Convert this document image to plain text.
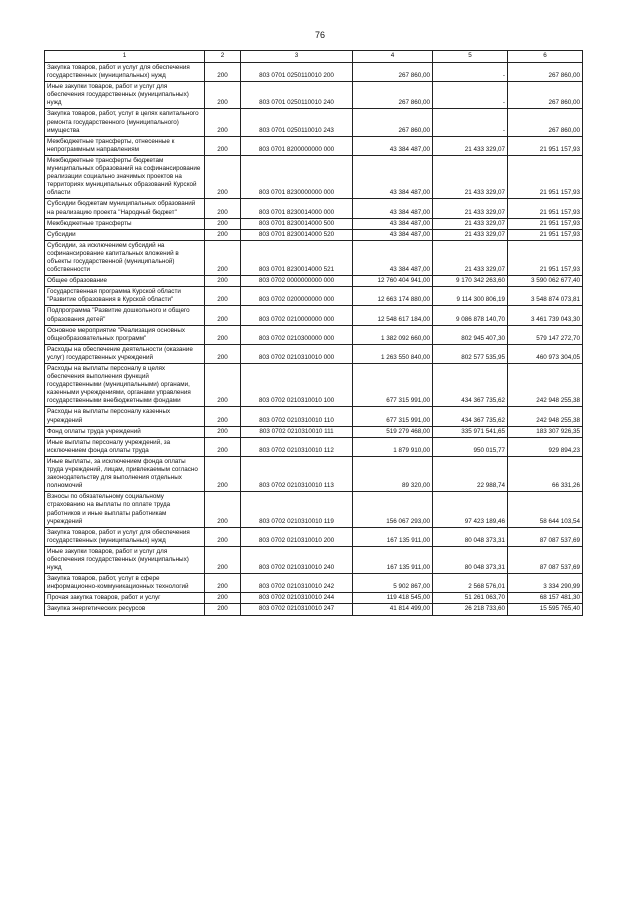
76
1	2	3	4	5	6
Закупка товаров, работ и услуг для обеспечения государственных (муниципальных) нужд	200	803 0701 0250110010 200	267 860,00	-	267 860,00
Иные закупки товаров, работ и услуг для обеспечения государственных (муниципальных) нужд	200	803 0701 0250110010 240	267 860,00	-	267 860,00
Закупка товаров, работ, услуг в целях капитального ремонта государственного (муниципального) имущества	200	803 0701 0250110010 243	267 860,00	-	267 860,00
Межбюджетные трансферты, отнесенные к непрограммным направлениям	200	803 0701 8200000000 000	43 384 487,00	21 433 329,07	21 951 157,93
Межбюджетные трансферты бюджетам муниципальных образований на софинансирование реализации социально значимых проектов на территориях муниципальных образований Курской области	200	803 0701 8230000000 000	43 384 487,00	21 433 329,07	21 951 157,93
Субсидии бюджетам муниципальных образований на реализацию проекта "Народный бюджет"	200	803 0701 8230014000 000	43 384 487,00	21 433 329,07	21 951 157,93
Межбюджетные трансферты	200	803 0701 8230014000 500	43 384 487,00	21 433 329,07	21 951 157,93
Субсидии	200	803 0701 8230014000 520	43 384 487,00	21 433 329,07	21 951 157,93
Субсидии, за исключением субсидий на софинансирование капитальных вложений в объекты государственной (муниципальной) собственности	200	803 0701 8230014000 521	43 384 487,00	21 433 329,07	21 951 157,93
Общее образование	200	803 0702 0000000000 000	12 760 404 941,00	9 170 342 263,60	3 590 062 677,40
Государственная программа Курской области "Развитие образования в Курской области"	200	803 0702 0200000000 000	12 663 174 880,00	9 114 300 806,19	3 548 874 073,81
Подпрограмма "Развитие дошкольного и общего образования детей"	200	803 0702 0210000000 000	12 548 617 184,00	9 086 878 140,70	3 461 739 043,30
Основное мероприятие "Реализация основных общеобразовательных программ"	200	803 0702 0210300000 000	1 382 092 660,00	802 945 407,30	579 147 272,70
Расходы на обеспечение деятельности (оказание услуг) государственных учреждений	200	803 0702 0210310010 000	1 263 550 840,00	802 577 535,95	460 973 304,05
Расходы на выплаты персоналу в целях обеспечения выполнения функций государственными (муниципальными) органами, казенными учреждениями, органами управления государственными внебюджетными фондами	200	803 0702 0210310010 100	677 315 991,00	434 367 735,62	242 948 255,38
Расходы на выплаты персоналу казенных учреждений	200	803 0702 0210310010 110	677 315 991,00	434 367 735,62	242 948 255,38
Фонд оплаты труда учреждений	200	803 0702 0210310010 111	519 279 468,00	335 971 541,65	183 307 926,35
Иные выплаты персоналу учреждений, за исключением фонда оплаты труда	200	803 0702 0210310010 112	1 879 910,00	950 015,77	929 894,23
Иные выплаты, за исключением фонда оплаты труда учреждений, лицам, привлекаемым согласно законодательству для выполнения отдельных полномочий	200	803 0702 0210310010 113	89 320,00	22 988,74	66 331,26
Взносы по обязательному социальному страхованию на выплаты по оплате труда работников и иные выплаты работникам учреждений	200	803 0702 0210310010 119	156 067 293,00	97 423 189,46	58 644 103,54
Закупка товаров, работ и услуг для обеспечения государственных (муниципальных) нужд	200	803 0702 0210310010 200	167 135 911,00	80 048 373,31	87 087 537,69
Иные закупки товаров, работ и услуг для обеспечения государственных (муниципальных) нужд	200	803 0702 0210310010 240	167 135 911,00	80 048 373,31	87 087 537,69
Закупка товаров, работ, услуг в сфере информационно-коммуникационных технологий	200	803 0702 0210310010 242	5 902 867,00	2 568 576,01	3 334 290,99
Прочая закупка товаров, работ и услуг	200	803 0702 0210310010 244	119 418 545,00	51 261 063,70	68 157 481,30
Закупка энергетических ресурсов	200	803 0702 0210310010 247	41 814 499,00	26 218 733,60	15 595 765,40
